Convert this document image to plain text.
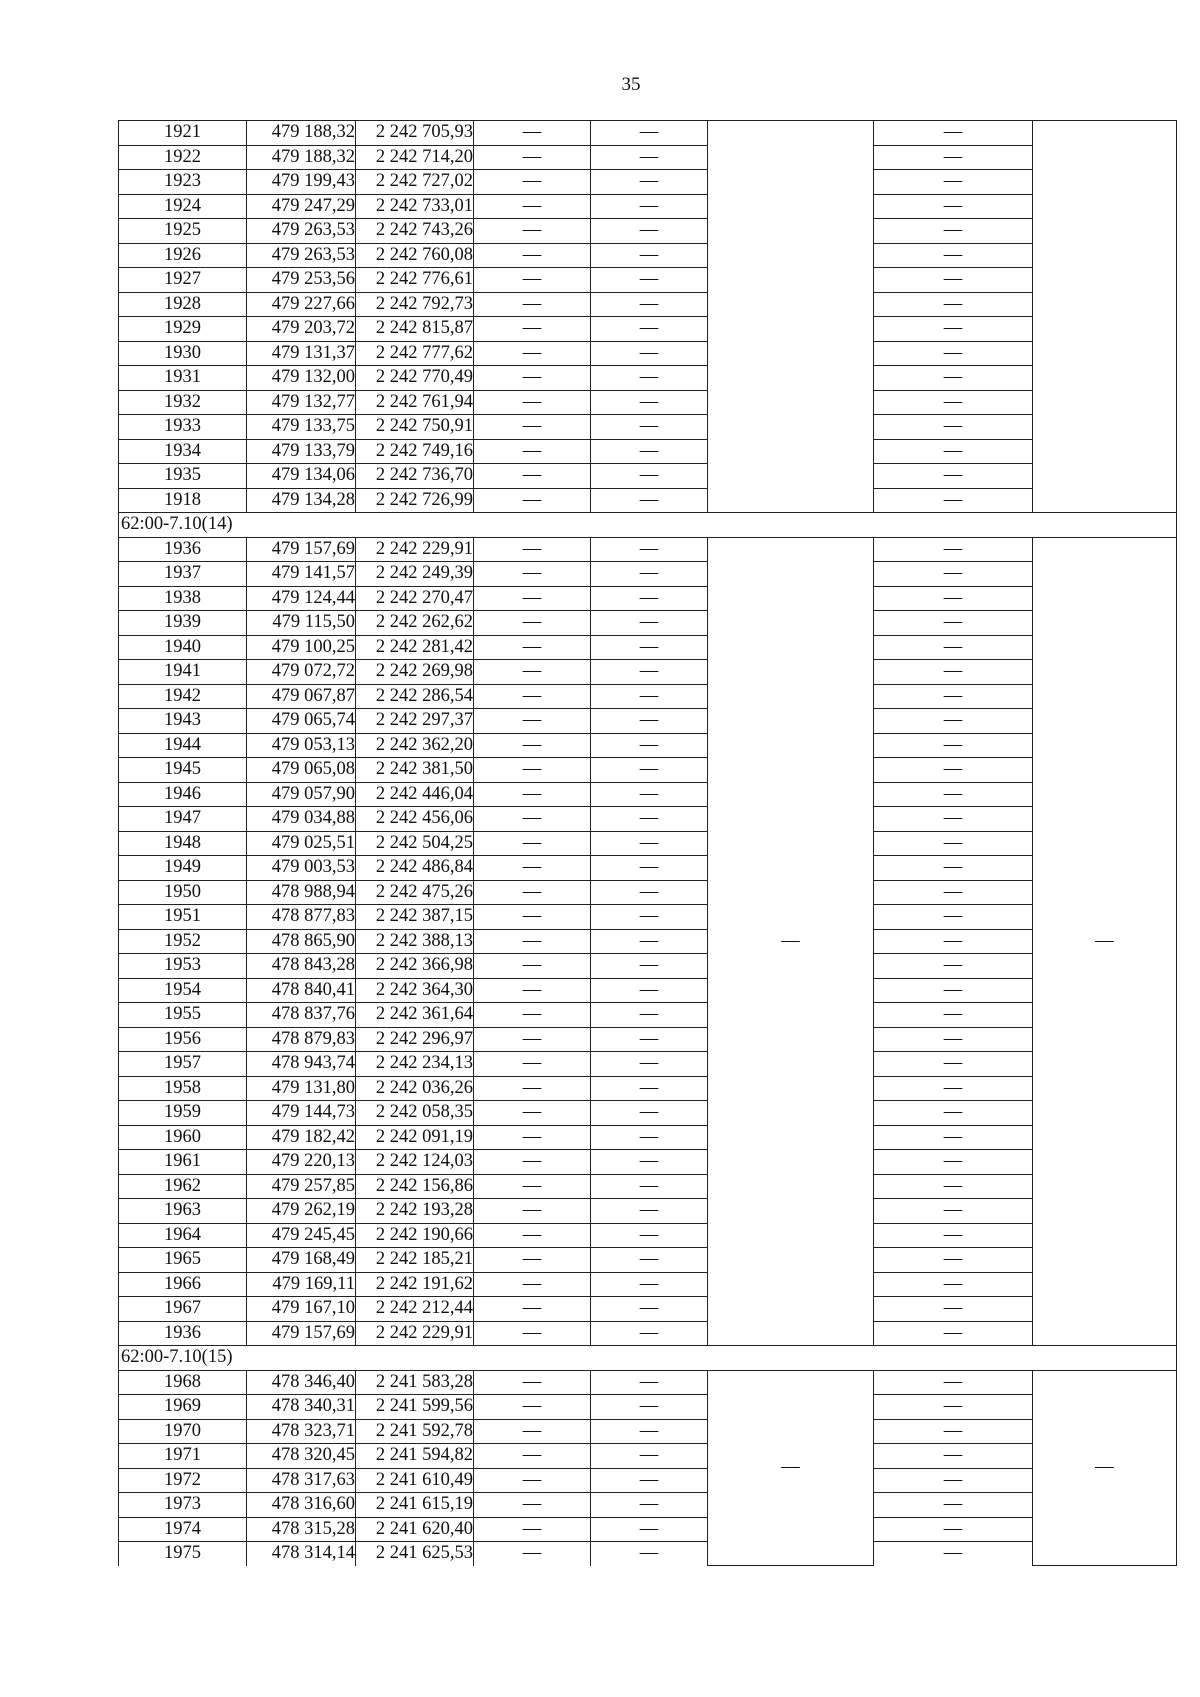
35
1921	479 188,32	2 242 705,93	—	—		—	
1922	479 188,32	2 242 714,20	—	—		—	
1923	479 199,43	2 242 727,02	—	—		—	
1924	479 247,29	2 242 733,01	—	—		—	
1925	479 263,53	2 242 743,26	—	—		—	
1926	479 263,53	2 242 760,08	—	—		—	
1927	479 253,56	2 242 776,61	—	—		—	
1928	479 227,66	2 242 792,73	—	—		—	
1929	479 203,72	2 242 815,87	—	—		—	
1930	479 131,37	2 242 777,62	—	—		—	
1931	479 132,00	2 242 770,49	—	—		—	
1932	479 132,77	2 242 761,94	—	—		—	
1933	479 133,75	2 242 750,91	—	—		—	
1934	479 133,79	2 242 749,16	—	—		—	
1935	479 134,06	2 242 736,70	—	—		—	
1918	479 134,28	2 242 726,99	—	—		—	
62:00-7.10(14)							
1936	479 157,69	2 242 229,91	—	—	—	—	—
1937	479 141,57	2 242 249,39	—	—		—	
1938	479 124,44	2 242 270,47	—	—		—	
1939	479 115,50	2 242 262,62	—	—		—	
1940	479 100,25	2 242 281,42	—	—		—	
1941	479 072,72	2 242 269,98	—	—		—	
1942	479 067,87	2 242 286,54	—	—		—	
1943	479 065,74	2 242 297,37	—	—		—	
1944	479 053,13	2 242 362,20	—	—		—	
1945	479 065,08	2 242 381,50	—	—		—	
1946	479 057,90	2 242 446,04	—	—		—	
1947	479 034,88	2 242 456,06	—	—		—	
1948	479 025,51	2 242 504,25	—	—		—	
1949	479 003,53	2 242 486,84	—	—		—	
1950	478 988,94	2 242 475,26	—	—		—	
1951	478 877,83	2 242 387,15	—	—		—	
1952	478 865,90	2 242 388,13	—	—		—	
1953	478 843,28	2 242 366,98	—	—		—	
1954	478 840,41	2 242 364,30	—	—		—	
1955	478 837,76	2 242 361,64	—	—		—	
1956	478 879,83	2 242 296,97	—	—		—	
1957	478 943,74	2 242 234,13	—	—		—	
1958	479 131,80	2 242 036,26	—	—		—	
1959	479 144,73	2 242 058,35	—	—		—	
1960	479 182,42	2 242 091,19	—	—		—	
1961	479 220,13	2 242 124,03	—	—		—	
1962	479 257,85	2 242 156,86	—	—		—	
1963	479 262,19	2 242 193,28	—	—		—	
1964	479 245,45	2 242 190,66	—	—		—	
1965	479 168,49	2 242 185,21	—	—		—	
1966	479 169,11	2 242 191,62	—	—		—	
1967	479 167,10	2 242 212,44	—	—		—	
1936	479 157,69	2 242 229,91	—	—		—	
62:00-7.10(15)							
1968	478 346,40	2 241 583,28	—	—	—	—	—
1969	478 340,31	2 241 599,56	—	—		—	
1970	478 323,71	2 241 592,78	—	—		—	
1971	478 320,45	2 241 594,82	—	—		—	
1972	478 317,63	2 241 610,49	—	—		—	
1973	478 316,60	2 241 615,19	—	—		—	
1974	478 315,28	2 241 620,40	—	—		—	
1975	478 314,14	2 241 625,53	—	—		—	
